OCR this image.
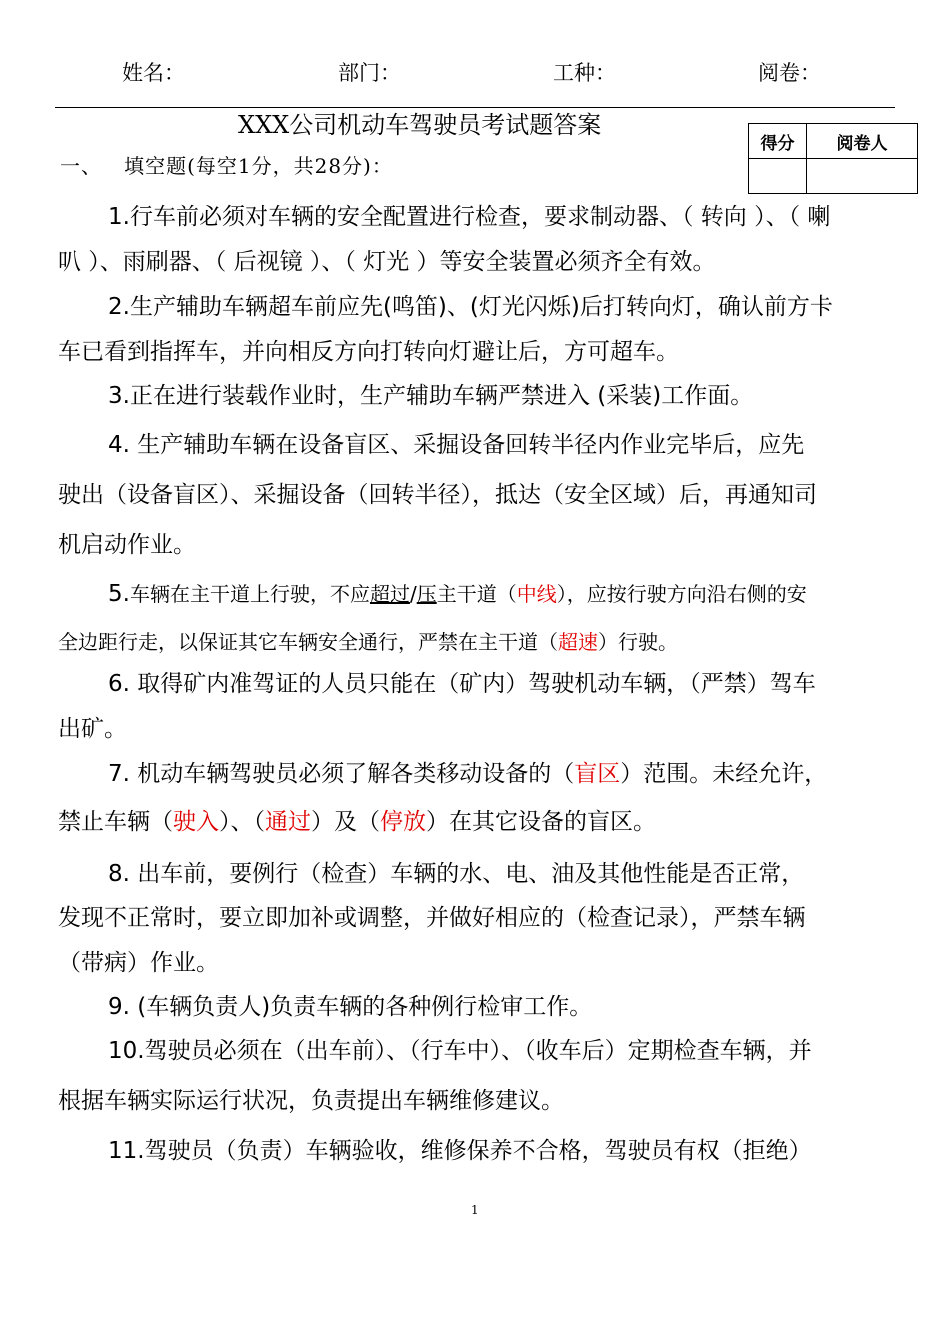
姓名：	部门：	工种：	阅卷：
XXX公司机动车驾驶员考试题答案
得分	阅卷人

一、 填空题(每空1分，共28分)：
1.行车前必须对车辆的安全配置进行检查，要求制动器、（ 转向 ）、（ 喇
叭 ）、雨刷器、（ 后视镜 ）、（ 灯光 ）等安全装置必须齐全有效。
2.生产辅助车辆超车前应先(鸣笛)、(灯光闪烁)后打转向灯，确认前方卡
车已看到指挥车，并向相反方向打转向灯避让后，方可超车。
3.正在进行装载作业时，生产辅助车辆严禁进入 (采装)工作面。
4. 生产辅助车辆在设备盲区、采掘设备回转半径内作业完毕后，应先
驶出（设备盲区）、采掘设备（回转半径），抵达（安全区域）后，再通知司
机启动作业。
5.车辆在主干道上行驶，不应超过/压主干道（中线），应按行驶方向沿右侧的安
全边距行走，以保证其它车辆安全通行，严禁在主干道（超速）行驶。
6. 取得矿内准驾证的人员只能在（矿内）驾驶机动车辆，（严禁）驾车
出矿。
7. 机动车辆驾驶员必须了解各类移动设备的（盲区）范围。未经允许，
禁止车辆（驶入）、（通过）及（停放）在其它设备的盲区。
8. 出车前，要例行（检查）车辆的水、电、油及其他性能是否正常，
发现不正常时，要立即加补或调整，并做好相应的（检查记录），严禁车辆
（带病）作业。
9. (车辆负责人)负责车辆的各种例行检审工作。
10.驾驶员必须在（出车前）、（行车中）、（收车后）定期检查车辆，并
根据车辆实际运行状况，负责提出车辆维修建议。
11.驾驶员（负责）车辆验收，维修保养不合格，驾驶员有权（拒绝）
1
